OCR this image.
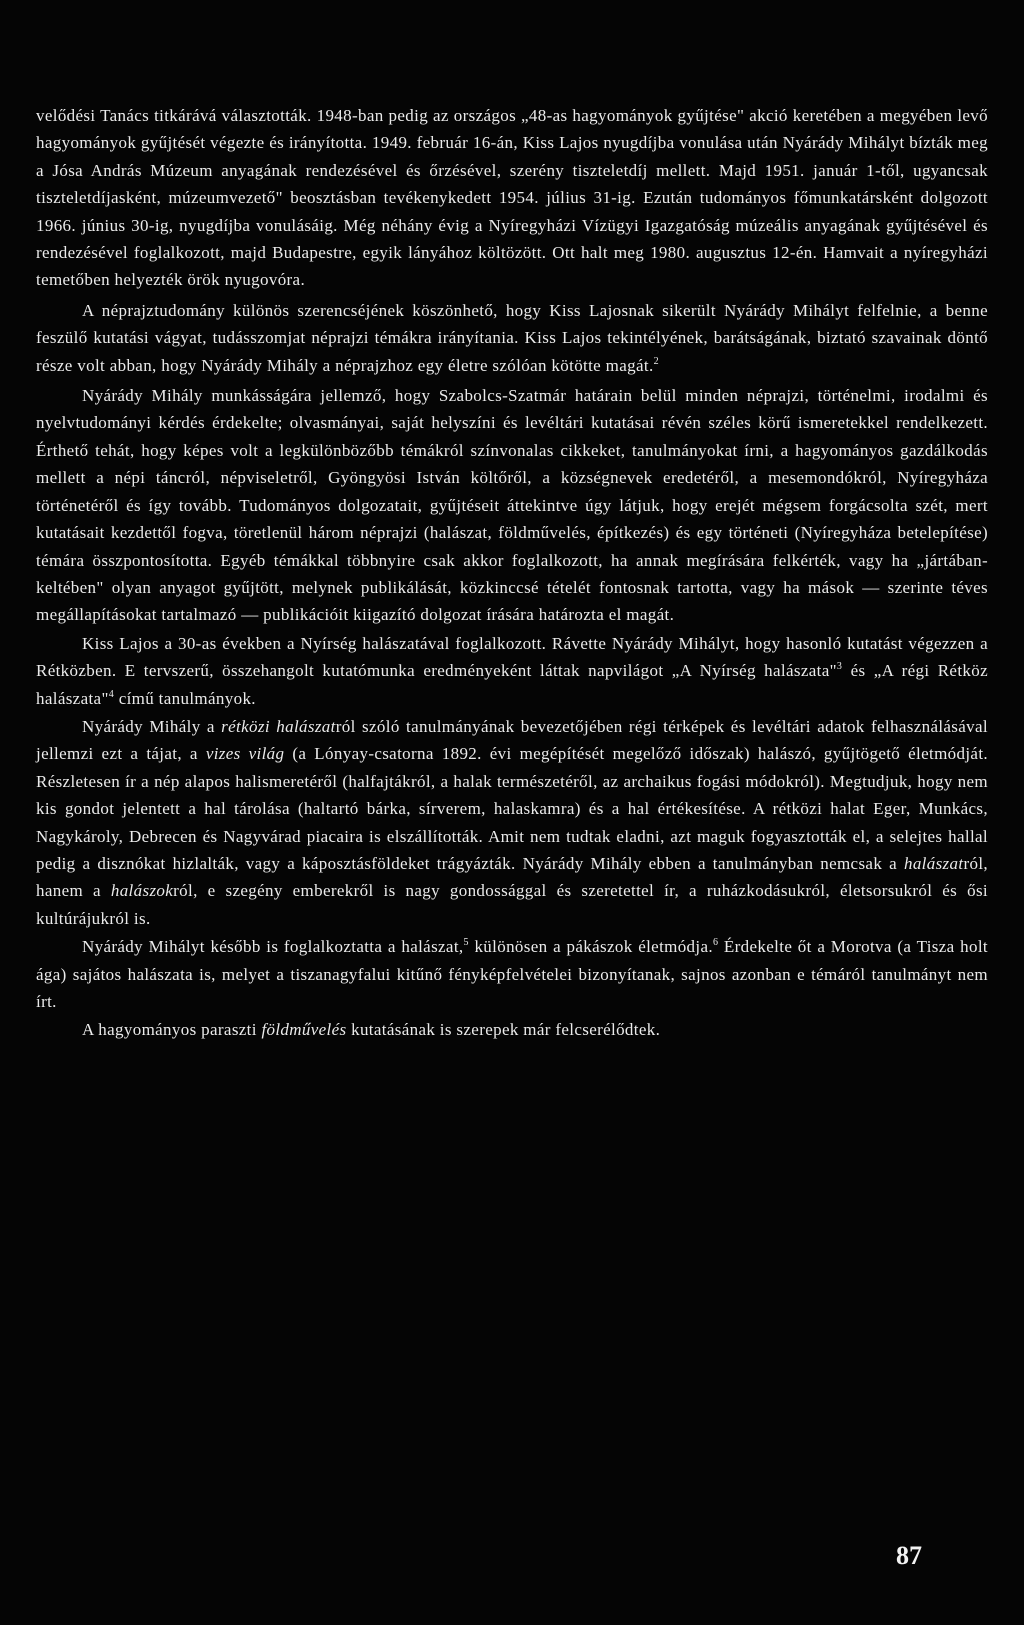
velődési Tanács titkárává választották. 1948-ban pedig az országos „48-as hagyományok gyűjtése" akció keretében a megyében levő hagyományok gyűjtését végezte és irányította. 1949. február 16-án, Kiss Lajos nyugdíjba vonulása után Nyárády Mihályt bízták meg a Jósa András Múzeum anyagának rendezésével és őrzésével, szerény tiszteletdíj mellett. Majd 1951. január 1-től, ugyancsak tiszteletdíjasként, múzeumvezető" beosztásban tevékenykedett 1954. július 31-ig. Ezután tudományos főmunkatársként dolgozott 1966. június 30-ig, nyugdíjba vonulásáig. Még néhány évig a Nyíregyházi Vízügyi Igazgatóság múzeális anyagának gyűjtésével és rendezésével foglalkozott, majd Budapestre, egyik lányához költözött. Ott halt meg 1980. augusztus 12-én. Hamvait a nyíregyházi temetőben helyezték örök nyugovóra.

A néprajztudomány különös szerencséjének köszönhető, hogy Kiss Lajosnak sikerült Nyárády Mihályt felfelnie, a benne feszülő kutatási vágyat, tudásszomjat néprajzi témákra irányítania. Kiss Lajos tekintélyének, barátságának, biztató szavainak döntő része volt abban, hogy Nyárády Mihály a néprajzhoz egy életre szólóan kötötte magát.$^2$

Nyárády Mihály munkásságára jellemző, hogy Szabolcs-Szatmár határain belül minden néprajzi, történelmi, irodalmi és nyelvtudományi kérdés érdekelte; olvasmányai, saját helyszíni és levéltári kutatásai révén széles körű ismeretekkel rendelkezett. Érthető tehát, hogy képes volt a legkülönbözőbb témákról színvonalas cikkeket, tanulmányokat írni, a hagyományos gazdálkodás mellett a népi táncról, népviseletről, Gyöngyösi István költőről, a községnevek eredetéről, a mesemondókról, Nyíregyháza történetéről és így tovább. Tudományos dolgozatait, gyűjtéseit áttekintve úgy látjuk, hogy erejét mégsem forgácsolta szét, mert kutatásait kezdettől fogva, töretlenül három néprajzi (halászat, földművelés, építkezés) és egy történeti (Nyíregyháza betelepítése) témára összpontosította. Egyéb témákkal többnyire csak akkor foglalkozott, ha annak megírására felkérték, vagy ha „jártában-keltében" olyan anyagot gyűjtött, melynek publikálását, közkinccsé tételét fontosnak tartotta, vagy ha mások — szerinte téves megállapításokat tartalmazó — publikációit kiigazító dolgozat írására határozta el magát.

Kiss Lajos a 30-as években a Nyírség halászatával foglalkozott. Rávette Nyárády Mihályt, hogy hasonló kutatást végezzen a Rétközben. E tervszerű, összehangolt kutatómunka eredményeként láttak napvilágot „A Nyírség halászata"$^3$ és „A régi Rétköz halászata"$^4$ című tanulmányok.

Nyárády Mihály a rétközi halászatról szóló tanulmányának bevezetőjében régi térképek és levéltári adatok felhasználásával jellemzi ezt a tájat, a vizes világ (a Lónyay-csatorna 1892. évi megépítését megelőző időszak) halászó, gyűjtögető életmódját. Részletesen ír a nép alapos halismeretéről (halfajtákról, a halak természetéről, az archaikus fogási módokról). Megtudjuk, hogy nem kis gondot jelentett a hal tárolása (haltartó bárka, sírverem, halaskamra) és a hal értékesítése. A rétközi halat Eger, Munkács, Nagykároly, Debrecen és Nagyvárad piacaira is elszállították. Amit nem tudtak eladni, azt maguk fogyasztották el, a selejtes hallal pedig a disznókat hizlalták, vagy a káposztásföldeket trágyázták. Nyárády Mihály ebben a tanulmányban nemcsak a halászatról, hanem a halászokról, e szegény emberekről is nagy gondossággal és szeretettel ír, a ruházkodásukról, életsorsukról és ősi kultúrájukról is.

Nyárády Mihályt később is foglalkoztatta a halászat,$^5$ különösen a pákászok életmódja.$^6$ Érdekelte őt a Morotva (a Tisza holt ága) sajátos halászata is, melyet a tiszanagyfalui kitűnő fényképfelvételei bizonyítanak, sajnos azonban e témáról tanulmányt nem írt.

A hagyományos paraszti földművelés kutatásának is szerepek már felcserélődtek.

87
